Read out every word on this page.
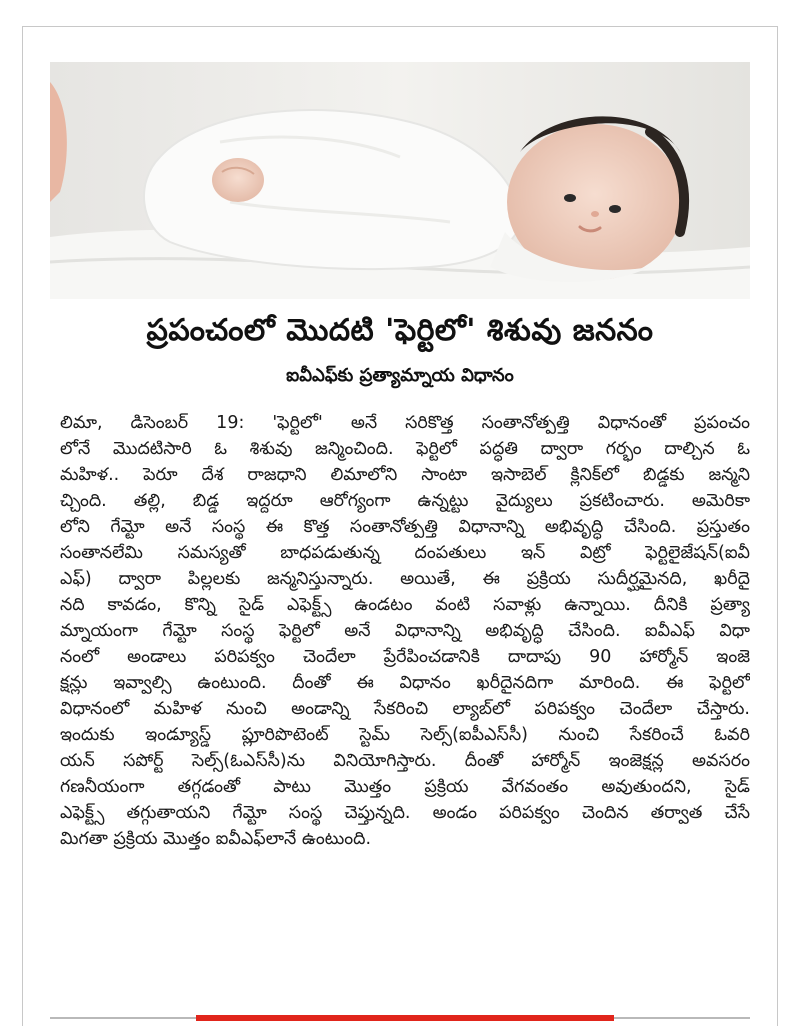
ప్రపంచంలో మొదటి 'ఫెర్టిలో' శిశువు జననం
ఐవీఎఫ్‌కు ప్రత్యామ్నాయ విధానం
లిమా, డిసెంబర్ 19: 'ఫెర్టిలో' అనే సరికొత్త సంతానోత్పత్తి విధానంతో ప్రపంచం
లోనే మొదటిసారి ఓ శిశువు జన్మించింది. ఫెర్టిలో పద్ధతి ద్వారా గర్భం దాల్చిన ఓ
మహిళ.. పెరూ దేశ రాజధాని లిమాలోని సాంటా ఇసాబెల్ క్లినిక్‌లో బిడ్డకు జన్మని
చ్చింది. తల్లి, బిడ్డ ఇద్దరూ ఆరోగ్యంగా ఉన్నట్టు వైద్యులు ప్రకటించారు. అమెరికా
లోని గేమ్టో అనే సంస్థ ఈ కొత్త సంతానోత్పత్తి విధానాన్ని అభివృద్ధి చేసింది. ప్రస్తుతం
సంతానలేమి సమస్యతో బాధపడుతున్న దంపతులు ఇన్ విట్రో ఫెర్టిలైజేషన్(ఐవీ
ఎఫ్) ద్వారా పిల్లలకు జన్మనిస్తున్నారు. అయితే, ఈ ప్రక్రియ సుదీర్ఘమైనది, ఖరీదై
నది కావడం, కొన్ని సైడ్ ఎఫెక్ట్స్ ఉండటం వంటి సవాళ్లు ఉన్నాయి. దీనికి ప్రత్యా
మ్నాయంగా గేమ్టో సంస్థ ఫెర్టిలో అనే విధానాన్ని అభివృద్ధి చేసింది. ఐవీఎఫ్ విధా
నంలో అండాలు పరిపక్వం చెందేలా ప్రేరేపించడానికి దాదాపు 90 హార్మోన్ ఇంజె
క్షన్లు ఇవ్వాల్సి ఉంటుంది. దీంతో ఈ విధానం ఖరీదైనదిగా మారింది. ఈ ఫెర్టిలో
విధానంలో మహిళ నుంచి అండాన్ని సేకరించి ల్యాబ్‌లో పరిపక్వం చెందేలా చేస్తారు.
ఇందుకు ఇండ్యూస్డ్ ప్లూరిపొటెంట్ స్టెమ్ సెల్స్(ఐపీఎస్‌సీ) నుంచి సేకరించే ఓవరి
యన్ సపోర్ట్ సెల్స్(ఓఎస్‌సీ)ను వినియోగిస్తారు. దీంతో హార్మోన్ ఇంజెక్షన్ల అవసరం
గణనీయంగా తగ్గడంతో పాటు మొత్తం ప్రక్రియ వేగవంతం అవుతుందని, సైడ్
ఎఫెక్ట్స్ తగ్గుతాయని గేమ్టో సంస్థ చెప్తున్నది. అండం పరిపక్వం చెందిన తర్వాత చేసే
మిగతా ప్రక్రియ మొత్తం ఐవీఎఫ్‌లానే ఉంటుంది.
